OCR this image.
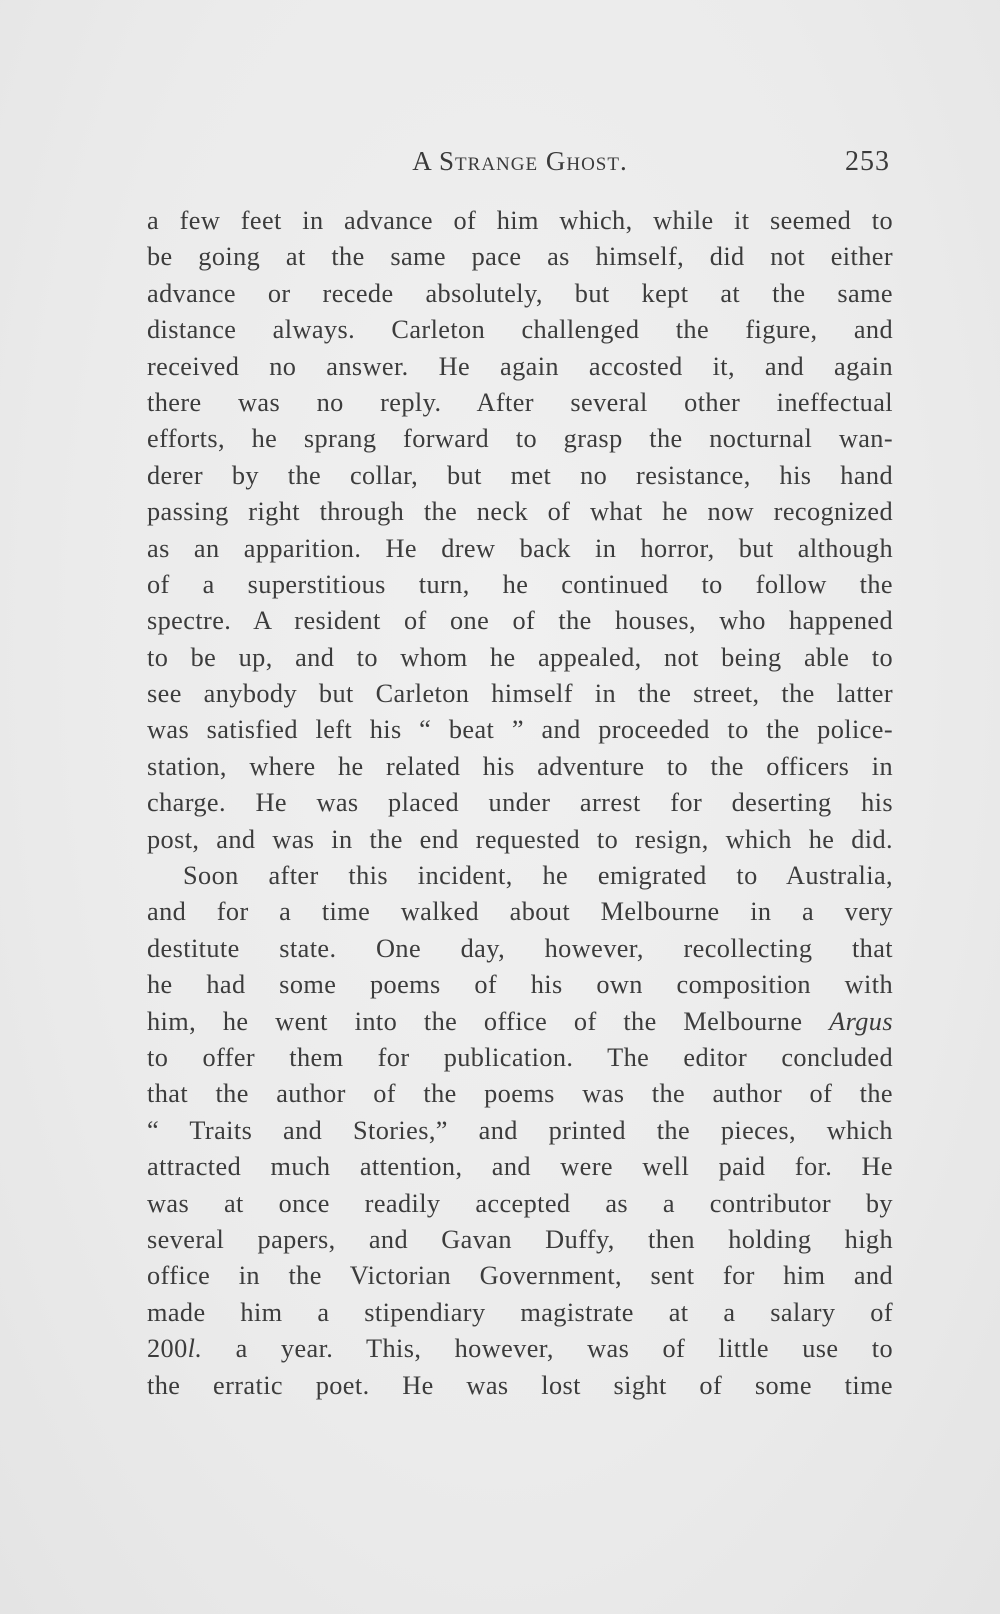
A Strange Ghost.	253
a few feet in advance of him which, while it seemed to
be going at the same pace as himself, did not either
advance or recede absolutely, but kept at the same
distance always. Carleton challenged the figure, and
received no answer. He again accosted it, and again
there was no reply. After several other ineffectual
efforts, he sprang forward to grasp the nocturnal wan-
derer by the collar, but met no resistance, his hand
passing right through the neck of what he now recognized
as an apparition. He drew back in horror, but although
of a superstitious turn, he continued to follow the
spectre. A resident of one of the houses, who happened
to be up, and to whom he appealed, not being able to
see anybody but Carleton himself in the street, the latter
was satisfied left his “ beat ” and proceeded to the police-
station, where he related his adventure to the officers in
charge. He was placed under arrest for deserting his
post, and was in the end requested to resign, which he did.
Soon after this incident, he emigrated to Australia,
and for a time walked about Melbourne in a very
destitute state. One day, however, recollecting that
he had some poems of his own composition with
him, he went into the office of the Melbourne Argus
to offer them for publication. The editor concluded
that the author of the poems was the author of the
“ Traits and Stories,” and printed the pieces, which
attracted much attention, and were well paid for. He
was at once readily accepted as a contributor by
several papers, and Gavan Duffy, then holding high
office in the Victorian Government, sent for him and
made him a stipendiary magistrate at a salary of
200l. a year. This, however, was of little use to
the erratic poet. He was lost sight of some time
